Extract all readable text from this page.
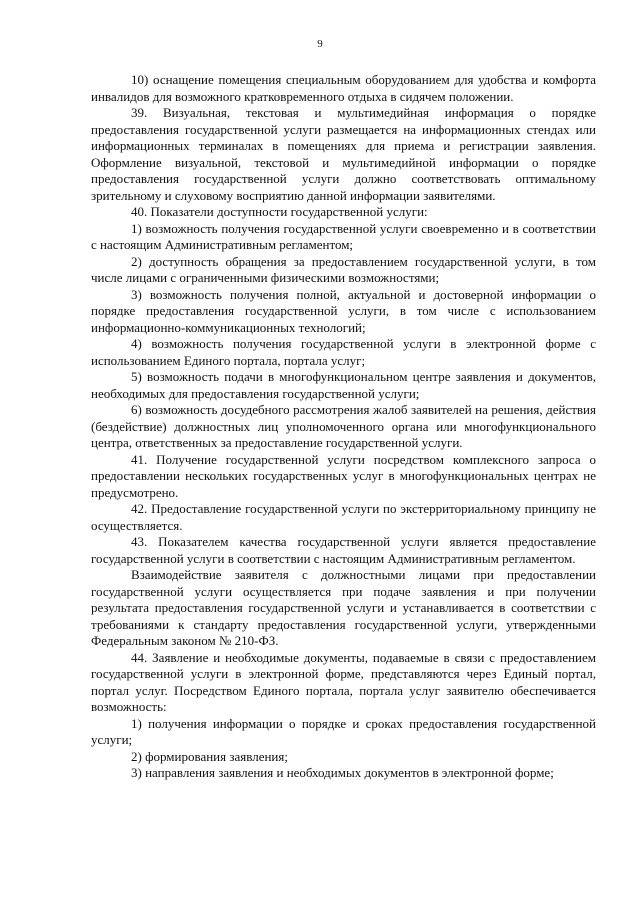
9

10) оснащение помещения специальным оборудованием для удобства и комфорта инвалидов для возможного кратковременного отдыха в сидячем положении.

39. Визуальная, текстовая и мультимедийная информация о порядке предоставления государственной услуги размещается на информационных стендах или информационных терминалах в помещениях для приема и регистрации заявления. Оформление визуальной, текстовой и мультимедийной информации о порядке предоставления государственной услуги должно соответствовать оптимальному зрительному и слуховому восприятию данной информации заявителями.

40. Показатели доступности государственной услуги:

1) возможность получения государственной услуги своевременно и в соответствии с настоящим Административным регламентом;

2) доступность обращения за предоставлением государственной услуги, в том числе лицами с ограниченными физическими возможностями;

3) возможность получения полной, актуальной и достоверной информации о порядке предоставления государственной услуги, в том числе с использованием информационно-коммуникационных технологий;

4) возможность получения государственной услуги в электронной форме с использованием Единого портала, портала услуг;

5) возможность подачи в многофункциональном центре заявления и документов, необходимых для предоставления государственной услуги;

6) возможность досудебного рассмотрения жалоб заявителей на решения, действия (бездействие) должностных лиц уполномоченного органа или многофункционального центра, ответственных за предоставление государственной услуги.

41. Получение государственной услуги посредством комплексного запроса о предоставлении нескольких государственных услуг в многофункциональных центрах не предусмотрено.

42. Предоставление государственной услуги по экстерриториальному принципу не осуществляется.

43. Показателем качества государственной услуги является предоставление государственной услуги в соответствии с настоящим Административным регламентом.

Взаимодействие заявителя с должностными лицами при предоставлении государственной услуги осуществляется при подаче заявления и при получении результата предоставления государственной услуги и устанавливается в соответствии с требованиями к стандарту предоставления государственной услуги, утвержденными Федеральным законом № 210-ФЗ.

44. Заявление и необходимые документы, подаваемые в связи с предоставлением государственной услуги в электронной форме, представляются через Единый портал, портал услуг. Посредством Единого портала, портала услуг заявителю обеспечивается возможность:

1) получения информации о порядке и сроках предоставления государственной услуги;

2) формирования заявления;

3) направления заявления и необходимых документов в электронной форме;
